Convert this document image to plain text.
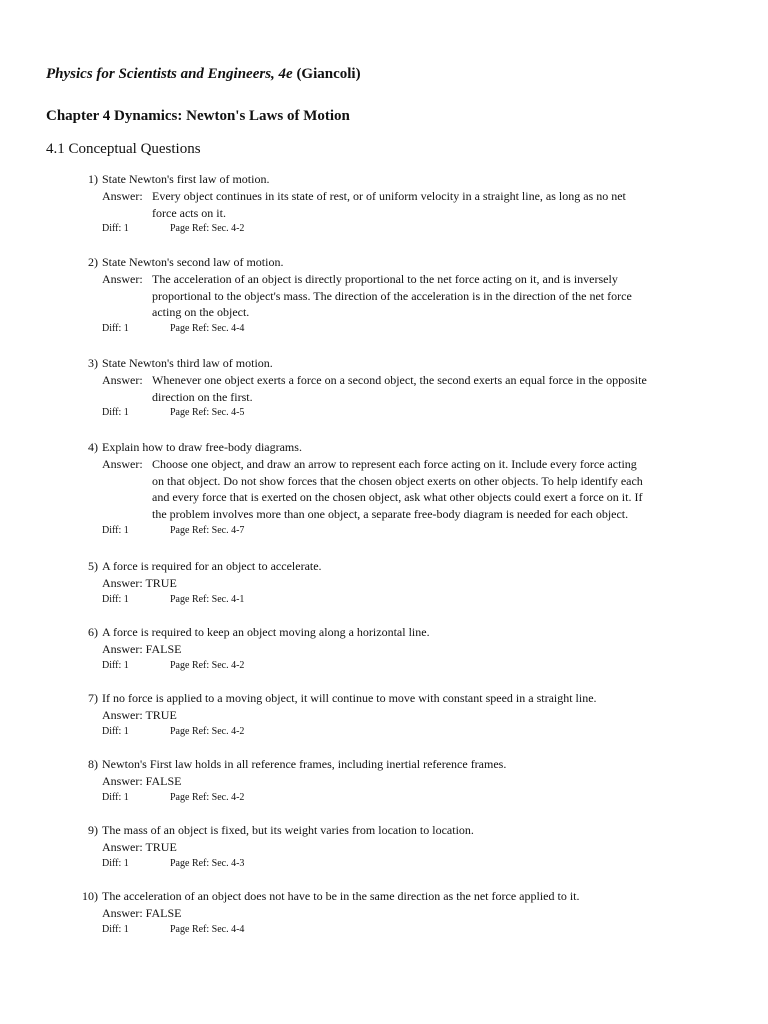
Physics for Scientists and Engineers, 4e (Giancoli)
Chapter 4 Dynamics: Newton's Laws of Motion
4.1 Conceptual Questions
1) State Newton's first law of motion.
Answer: Every object continues in its state of rest, or of uniform velocity in a straight line, as long as no net
force acts on it.
Diff: 1	Page Ref: Sec. 4-2
2) State Newton's second law of motion.
Answer: The acceleration of an object is directly proportional to the net force acting on it, and is inversely
proportional to the object's mass. The direction of the acceleration is in the direction of the net force
acting on the object.
Diff: 1	Page Ref: Sec. 4-4
3) State Newton's third law of motion.
Answer: Whenever one object exerts a force on a second object, the second exerts an equal force in the opposite
direction on the first.
Diff: 1	Page Ref: Sec. 4-5
4) Explain how to draw free-body diagrams.
Answer: Choose one object, and draw an arrow to represent each force acting on it. Include every force acting
on that object. Do not show forces that the chosen object exerts on other objects. To help identify each
and every force that is exerted on the chosen object, ask what other objects could exert a force on it. If
the problem involves more than one object, a separate free-body diagram is needed for each object.
Diff: 1	Page Ref: Sec. 4-7
5) A force is required for an object to accelerate.
Answer: TRUE
Diff: 1	Page Ref: Sec. 4-1
6) A force is required to keep an object moving along a horizontal line.
Answer: FALSE
Diff: 1	Page Ref: Sec. 4-2
7) If no force is applied to a moving object, it will continue to move with constant speed in a straight line.
Answer: TRUE
Diff: 1	Page Ref: Sec. 4-2
8) Newton's First law holds in all reference frames, including inertial reference frames.
Answer: FALSE
Diff: 1	Page Ref: Sec. 4-2
9) The mass of an object is fixed, but its weight varies from location to location.
Answer: TRUE
Diff: 1	Page Ref: Sec. 4-3
10) The acceleration of an object does not have to be in the same direction as the net force applied to it.
Answer: FALSE
Diff: 1	Page Ref: Sec. 4-4
